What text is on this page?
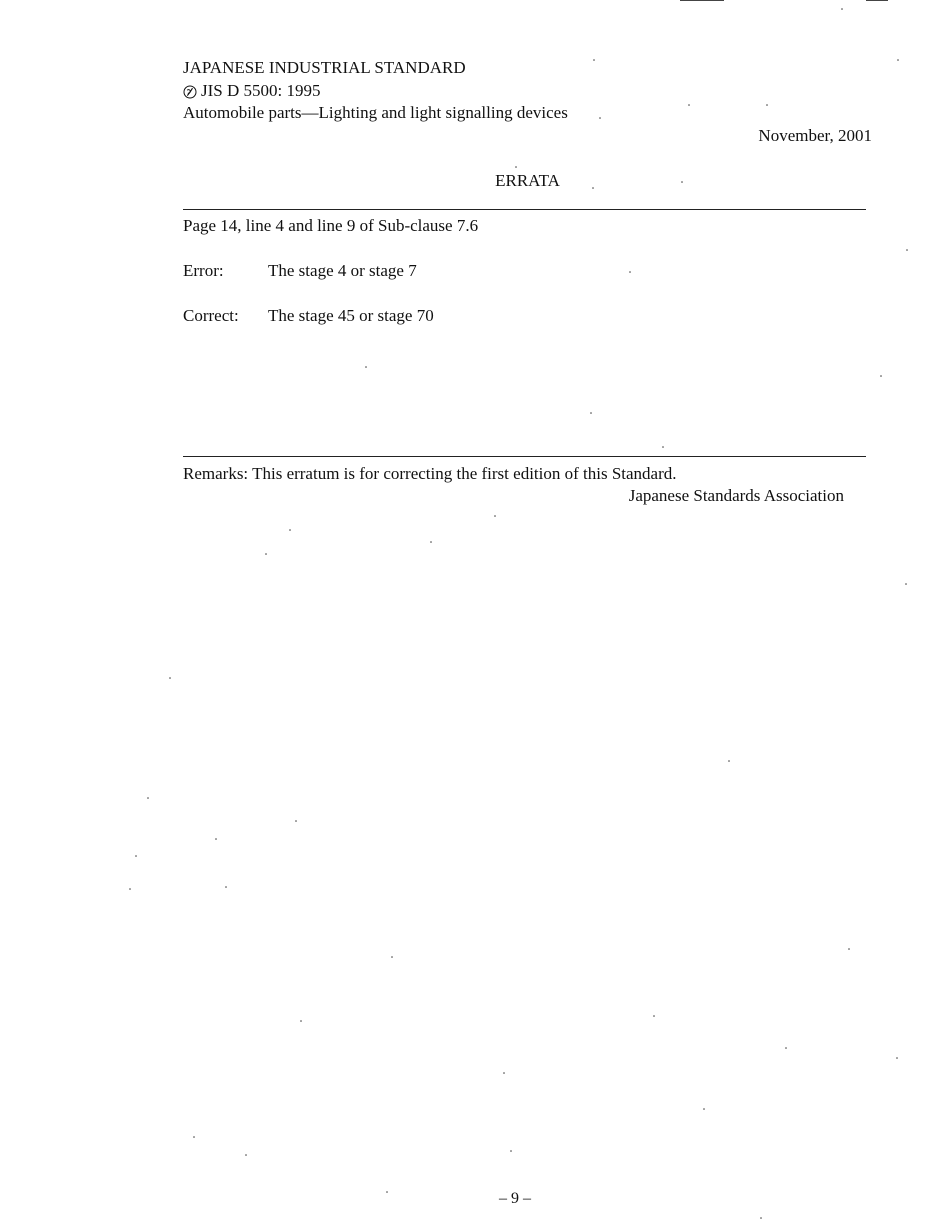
JAPANESE INDUSTRIAL STANDARD
JIS D 5500: 1995
Automobile parts—Lighting and light signalling devices
November, 2001
ERRATA
Page 14, line 4 and line 9 of Sub-clause 7.6
Error:	The stage 4 or stage 7
Correct: The stage 45 or stage 70
Remarks: This erratum is for correcting the first edition of this Standard.
Japanese Standards Association
– 9 –
